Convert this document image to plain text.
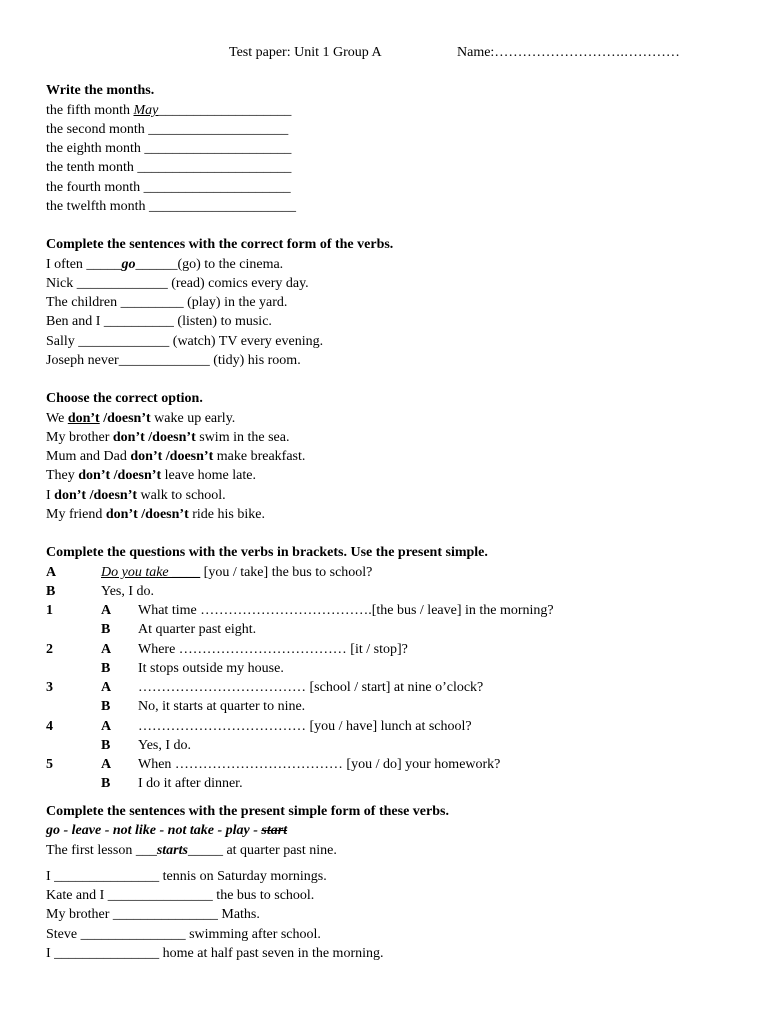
Test paper: Unit 1 Group A	Name:……………………….…………
Write the months.
the fifth month May___________________
the second month ____________________
the eighth month _____________________
the tenth month ______________________
the fourth month _____________________
the twelfth month _____________________
Complete the sentences with the correct form of the verbs.
I often _____go______(go) to the cinema.
Nick _____________ (read) comics every day.
The children _________ (play) in the yard.
Ben and I __________ (listen) to music.
Sally _____________ (watch) TV every evening.
Joseph never_____________ (tidy) his room.
Choose the correct option.
We don’t /doesn’t wake up early.
My brother don’t /doesn’t swim in the sea.
Mum and Dad don’t /doesn’t make breakfast.
They don’t /doesn’t leave home late.
I don’t /doesn’t walk to school.
My friend don’t /doesn’t ride his bike.
Complete the questions with the verbs in brackets. Use the present simple.
A	Do you take ____ [you / take] the bus to school?
B	Yes, I do.
1	A What time ……………………………….[the bus / leave] in the morning?
B At quarter past eight.
2	A Where ……………………………… [it / stop]?
B It stops outside my house.
3	A ……………………………… [school / start] at nine o’clock?
B No, it starts at quarter to nine.
4	A ……………………………… [you / have] lunch at school?
B Yes, I do.
5	A When ……………………………… [you / do] your homework?
B I do it after dinner.
Complete the sentences with the present simple form of these verbs.
go - leave - not like - not take - play - start
The first lesson ___starts_____ at quarter past nine.
I _______________ tennis on Saturday mornings.
Kate and I _______________ the bus to school.
My brother _______________ Maths.
Steve _______________ swimming after school.
I _______________ home at half past seven in the morning.
